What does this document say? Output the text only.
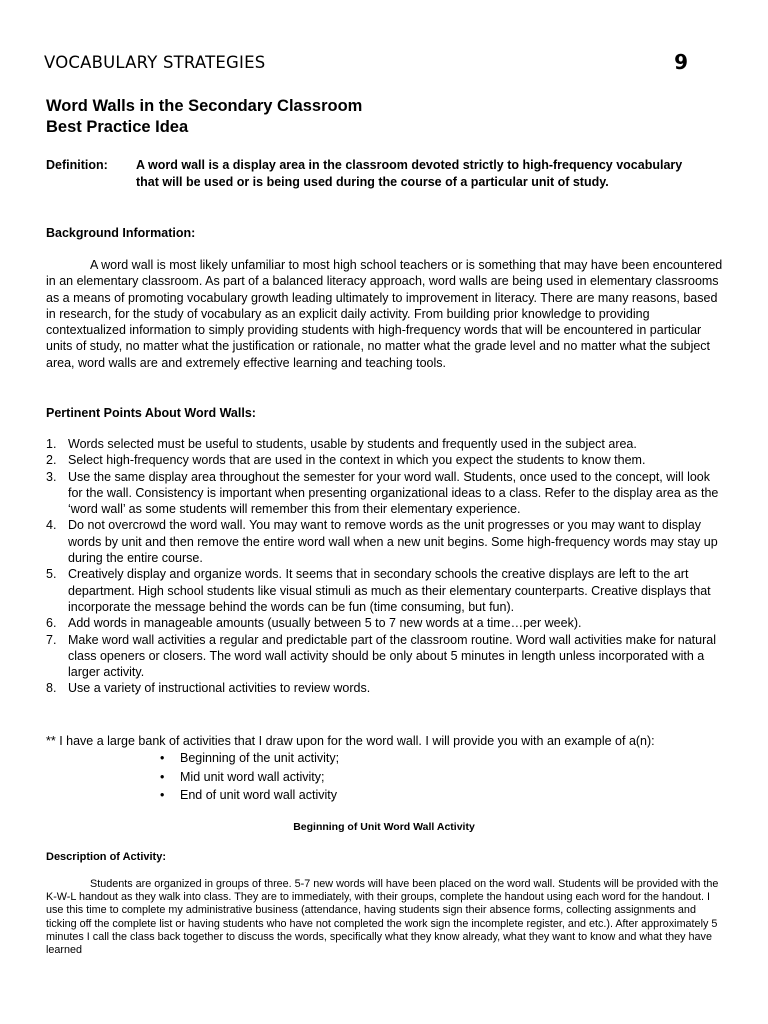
VOCABULARY STRATEGIES	9
Word Walls in the Secondary Classroom
Best Practice Idea
Definition: A word wall is a display area in the classroom devoted strictly to high-frequency vocabulary that will be used or is being used during the course of a particular unit of study.
Background Information:
A word wall is most likely unfamiliar to most high school teachers or is something that may have been encountered in an elementary classroom. As part of a balanced literacy approach, word walls are being used in elementary classrooms as a means of promoting vocabulary growth leading ultimately to improvement in literacy. There are many reasons, based in research, for the study of vocabulary as an explicit daily activity. From building prior knowledge to providing contextualized information to simply providing students with high-frequency words that will be encountered in particular units of study, no matter what the justification or rationale, no matter what the grade level and no matter what the subject area, word walls are and extremely effective learning and teaching tools.
Pertinent Points About Word Walls:
1. Words selected must be useful to students, usable by students and frequently used in the subject area.
2. Select high-frequency words that are used in the context in which you expect the students to know them.
3. Use the same display area throughout the semester for your word wall. Students, once used to the concept, will look for the wall. Consistency is important when presenting organizational ideas to a class. Refer to the display area as the ‘word wall’ as some students will remember this from their elementary experience.
4. Do not overcrowd the word wall. You may want to remove words as the unit progresses or you may want to display words by unit and then remove the entire word wall when a new unit begins. Some high-frequency words may stay up during the entire course.
5. Creatively display and organize words. It seems that in secondary schools the creative displays are left to the art department. High school students like visual stimuli as much as their elementary counterparts. Creative displays that incorporate the message behind the words can be fun (time consuming, but fun).
6. Add words in manageable amounts (usually between 5 to 7 new words at a time…per week).
7. Make word wall activities a regular and predictable part of the classroom routine. Word wall activities make for natural class openers or closers. The word wall activity should be only about 5 minutes in length unless incorporated with a larger activity.
8. Use a variety of instructional activities to review words.
** I have a large bank of activities that I draw upon for the word wall. I will provide you with an example of a(n):
• Beginning of the unit activity;
• Mid unit word wall activity;
• End of unit word wall activity
Beginning of Unit Word Wall Activity
Description of Activity:
Students are organized in groups of three. 5-7 new words will have been placed on the word wall. Students will be provided with the K-W-L handout as they walk into class. They are to immediately, with their groups, complete the handout using each word for the handout. I use this time to complete my administrative business (attendance, having students sign their absence forms, collecting assignments and ticking off the complete list or having students who have not completed the work sign the incomplete register, and etc.). After approximately 5 minutes I call the class back together to discuss the words, specifically what they know already, what they want to know and what they have learned
